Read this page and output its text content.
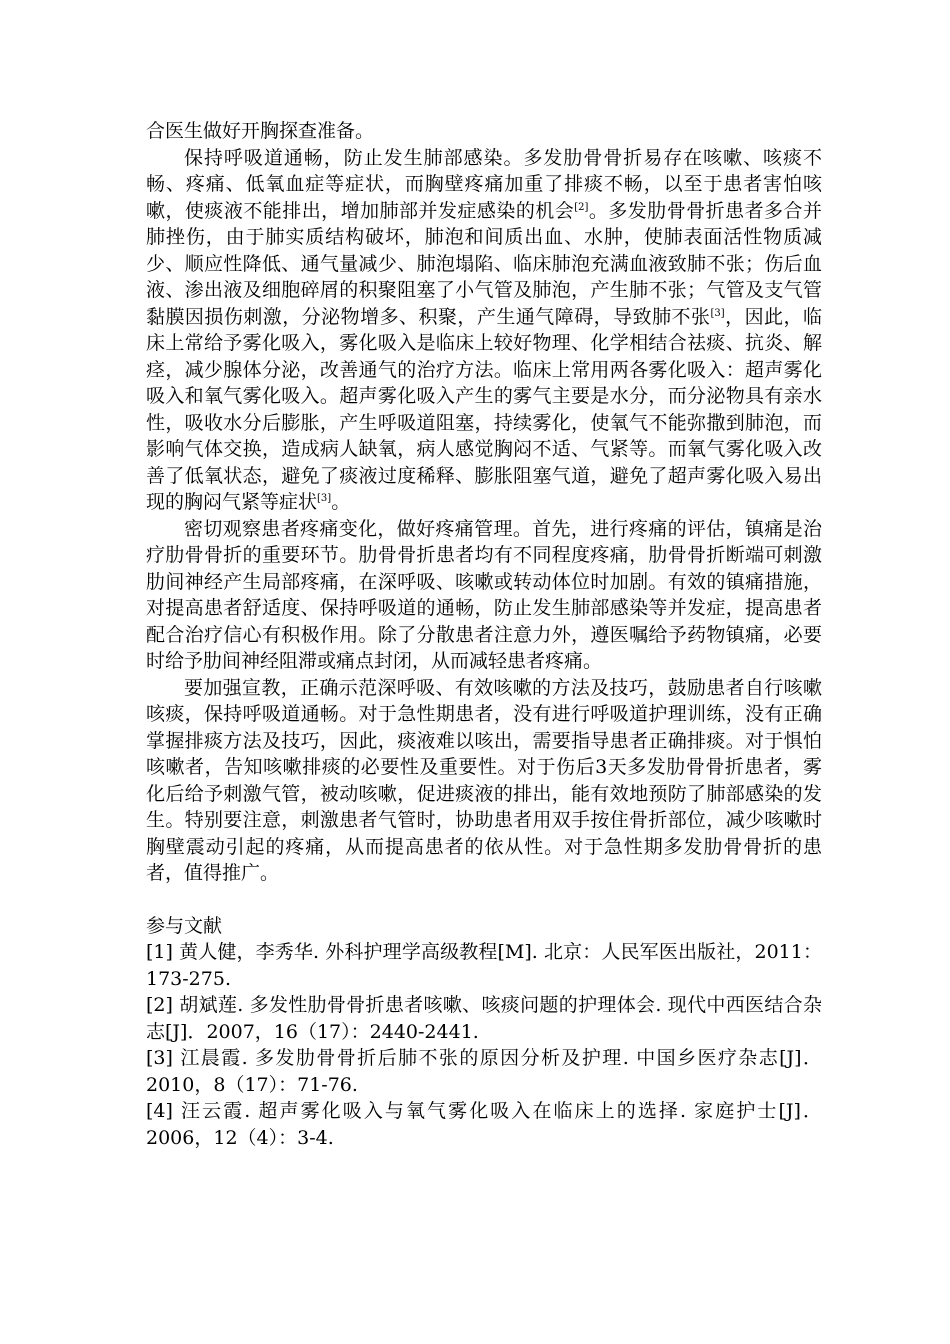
合医生做好开胸探查准备。

保持呼吸道通畅，防止发生肺部感染。多发肋骨骨折易存在咳嗽、咳痰不畅、疼痛、低氧血症等症状，而胸壁疼痛加重了排痰不畅，以至于患者害怕咳嗽，使痰液不能排出，增加肺部并发症感染的机会[2]。多发肋骨骨折患者多合并肺挫伤，由于肺实质结构破坏，肺泡和间质出血、水肿，使肺表面活性物质减少、顺应性降低、通气量减少、肺泡塌陷、临床肺泡充满血液致肺不张；伤后血液、渗出液及细胞碎屑的积聚阻塞了小气管及肺泡，产生肺不张；气管及支气管黏膜因损伤刺激，分泌物增多、积聚，产生通气障碍，导致肺不张[3]，因此，临床上常给予雾化吸入，雾化吸入是临床上较好物理、化学相结合祛痰、抗炎、解痉，减少腺体分泌，改善通气的治疗方法。临床上常用两各雾化吸入：超声雾化吸入和氧气雾化吸入。超声雾化吸入产生的雾气主要是水分，而分泌物具有亲水性，吸收水分后膨胀，产生呼吸道阻塞，持续雾化，使氧气不能弥撒到肺泡，而影响气体交换，造成病人缺氧，病人感觉胸闷不适、气紧等。而氧气雾化吸入改善了低氧状态，避免了痰液过度稀释、膨胀阻塞气道，避免了超声雾化吸入易出现的胸闷气紧等症状[3]。

密切观察患者疼痛变化，做好疼痛管理。首先，进行疼痛的评估，镇痛是治疗肋骨骨折的重要环节。肋骨骨折患者均有不同程度疼痛，肋骨骨折断端可刺激肋间神经产生局部疼痛，在深呼吸、咳嗽或转动体位时加剧。有效的镇痛措施，对提高患者舒适度、保持呼吸道的通畅，防止发生肺部感染等并发症，提高患者配合治疗信心有积极作用。除了分散患者注意力外，遵医嘱给予药物镇痛，必要时给予肋间神经阻滞或痛点封闭，从而减轻患者疼痛。

要加强宣教，正确示范深呼吸、有效咳嗽的方法及技巧，鼓励患者自行咳嗽咳痰，保持呼吸道通畅。对于急性期患者，没有进行呼吸道护理训练，没有正确掌握排痰方法及技巧，因此，痰液难以咳出，需要指导患者正确排痰。对于惧怕咳嗽者，告知咳嗽排痰的必要性及重要性。对于伤后3天多发肋骨骨折患者，雾化后给予刺激气管，被动咳嗽，促进痰液的排出，能有效地预防了肺部感染的发生。特别要注意，刺激患者气管时，协助患者用双手按住骨折部位，减少咳嗽时胸壁震动引起的疼痛，从而提高患者的依从性。对于急性期多发肋骨骨折的患者，值得推广。

参与文献

[1] 黄人健，李秀华. 外科护理学高级教程[M]. 北京：人民军医出版社，2011：173-275.

[2] 胡斌莲. 多发性肋骨骨折患者咳嗽、咳痰问题的护理体会. 现代中西医结合杂志[J]．2007，16（17）：2440-2441.

[3] 江晨霞. 多发肋骨骨折后肺不张的原因分析及护理. 中国乡医疗杂志[J]．2010，8（17）：71-76.

[4] 汪云霞. 超声雾化吸入与氧气雾化吸入在临床上的选择. 家庭护士[J]．2006，12（4）：3-4.
